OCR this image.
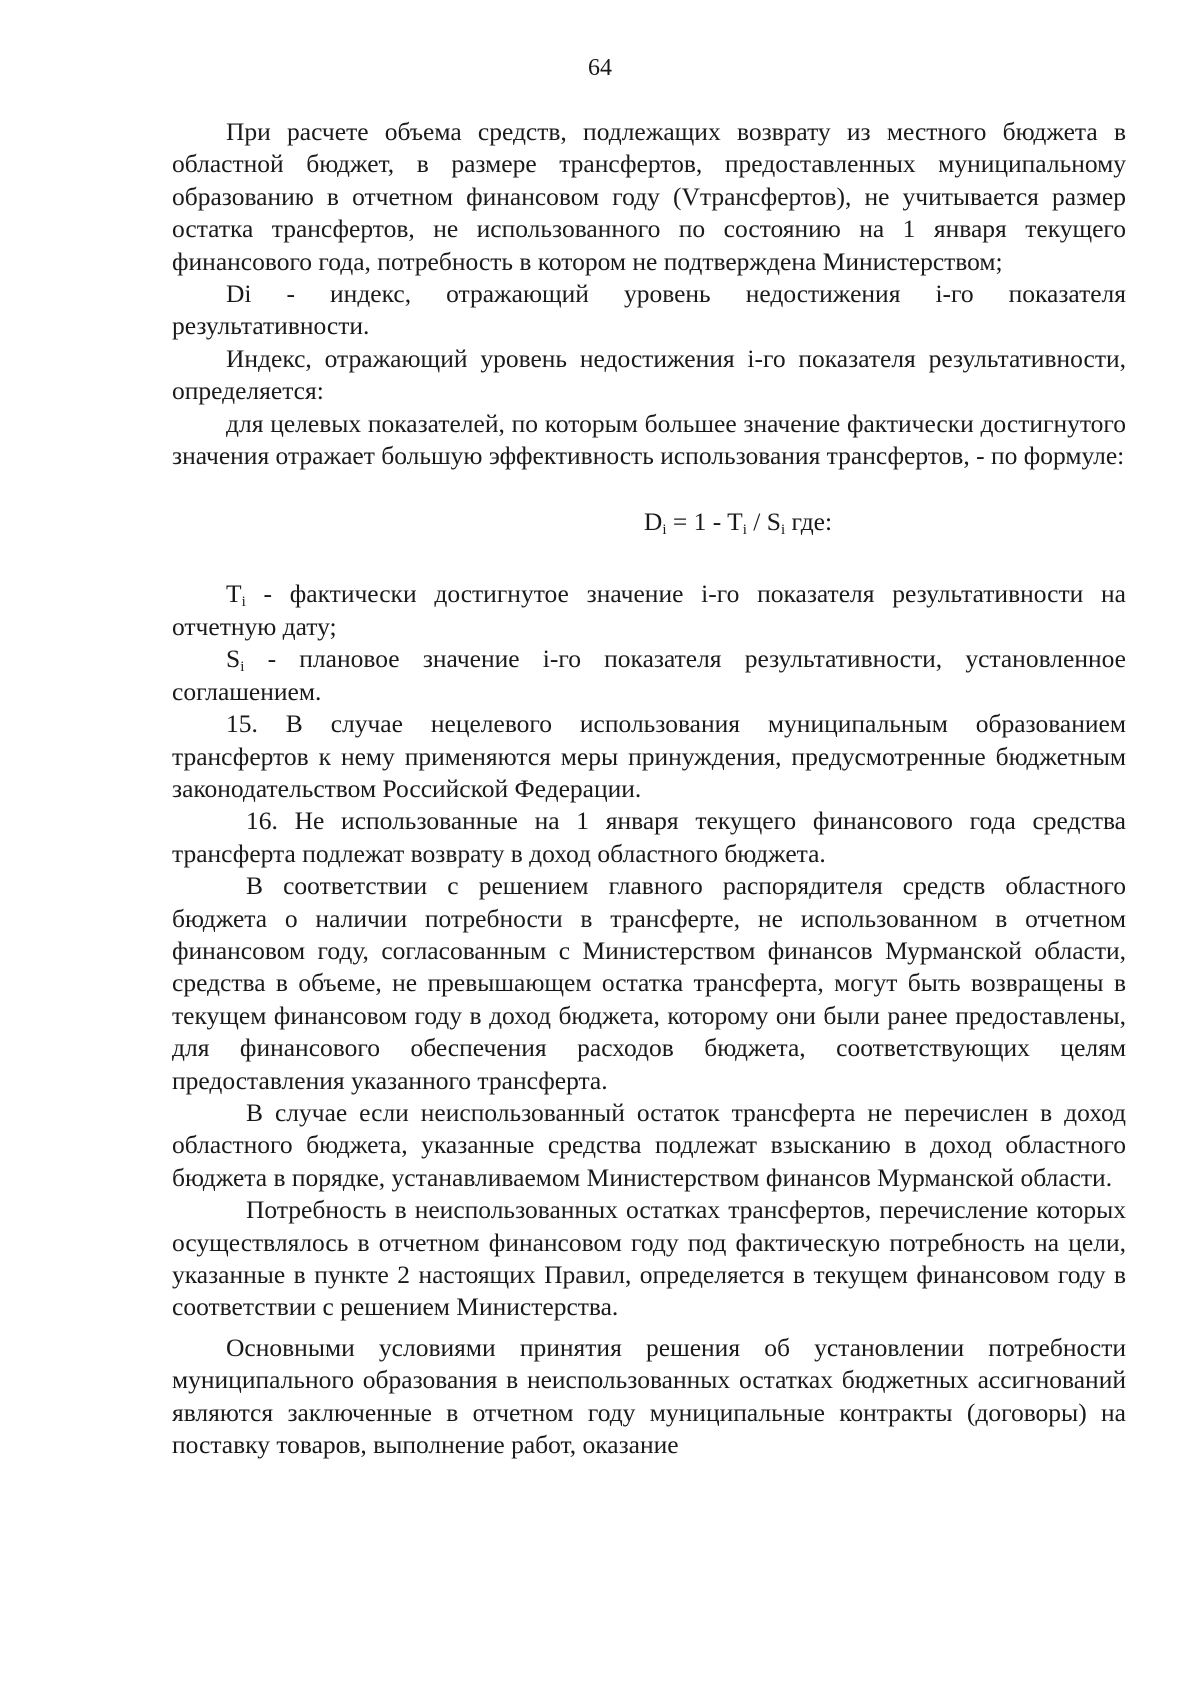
64

При расчете объема средств, подлежащих возврату из местного бюджета в областной бюджет, в размере трансфертов, предоставленных муниципальному образованию в отчетном финансовом году (Vтрансфертов), не учитывается размер остатка трансфертов, не использованного по состоянию на 1 января текущего финансового года, потребность в котором не подтверждена Министерством;

Di - индекс, отражающий уровень недостижения i-го показателя результативности.

Индекс, отражающий уровень недостижения i-го показателя результативности, определяется:

для целевых показателей, по которым большее значение фактически достигнутого значения отражает большую эффективность использования трансфертов, - по формуле:

$D_i = 1 - T_i / S_i$ где:

$T_i$ - фактически достигнутое значение i-го показателя результативности на отчетную дату;

$S_i$ - плановое значение i-го показателя результативности, установленное соглашением.

15. В случае нецелевого использования муниципальным образованием трансфертов к нему применяются меры принуждения, предусмотренные бюджетным законодательством Российской Федерации.

16. Не использованные на 1 января текущего финансового года средства трансферта подлежат возврату в доход областного бюджета.

В соответствии с решением главного распорядителя средств областного бюджета о наличии потребности в трансферте, не использованном в отчетном финансовом году, согласованным с Министерством финансов Мурманской области, средства в объеме, не превышающем остатка трансферта, могут быть возвращены в текущем финансовом году в доход бюджета, которому они были ранее предоставлены, для финансового обеспечения расходов бюджета, соответствующих целям предоставления указанного трансферта.

В случае если неиспользованный остаток трансферта не перечислен в доход областного бюджета, указанные средства подлежат взысканию в доход областного бюджета в порядке, устанавливаемом Министерством финансов Мурманской области.

Потребность в неиспользованных остатках трансфертов, перечисление которых осуществлялось в отчетном финансовом году под фактическую потребность на цели, указанные в пункте 2 настоящих Правил, определяется в текущем финансовом году в соответствии с решением Министерства.

Основными условиями принятия решения об установлении потребности муниципального образования в неиспользованных остатках бюджетных ассигнований являются заключенные в отчетном году муниципальные контракты (договоры) на поставку товаров, выполнение работ, оказание
